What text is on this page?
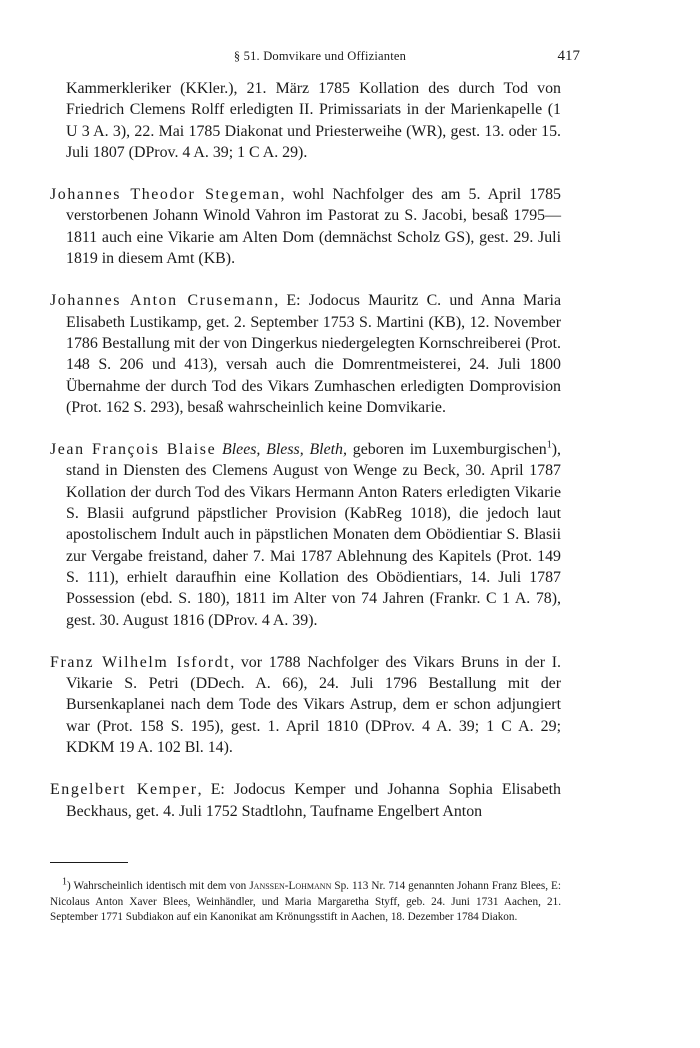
§ 51. Domvikare und Offizianten	417

Kammerkleriker (KKler.), 21. März 1785 Kollation des durch Tod von Friedrich Clemens Rolff erledigten II. Primissariats in der Marienkapelle (1 U 3 A. 3), 22. Mai 1785 Diakonat und Priesterweihe (WR), gest. 13. oder 15. Juli 1807 (DProv. 4 A. 39; 1 C A. 29).

Johannes Theodor Stegeman, wohl Nachfolger des am 5. April 1785 verstorbenen Johann Winold Vahron im Pastorat zu S. Jacobi, besaß 1795—1811 auch eine Vikarie am Alten Dom (demnächst Scholz GS), gest. 29. Juli 1819 in diesem Amt (KB).

Johannes Anton Crusemann, E: Jodocus Mauritz C. und Anna Maria Elisabeth Lustikamp, get. 2. September 1753 S. Martini (KB), 12. November 1786 Bestallung mit der von Dingerkus niedergelegten Kornschreiberei (Prot. 148 S. 206 und 413), versah auch die Domrentmeisterei, 24. Juli 1800 Übernahme der durch Tod des Vikars Zumhaschen erledigten Domprovision (Prot. 162 S. 293), besaß wahrscheinlich keine Domvikarie.

Jean François Blaise Blees, Bless, Bleth, geboren im Luxemburgischen$^1$), stand in Diensten des Clemens August von Wenge zu Beck, 30. April 1787 Kollation der durch Tod des Vikars Hermann Anton Raters erledigten Vikarie S. Blasii aufgrund päpstlicher Provision (KabReg 1018), die jedoch laut apostolischem Indult auch in päpstlichen Monaten dem Obödientiar S. Blasii zur Vergabe freistand, daher 7. Mai 1787 Ablehnung des Kapitels (Prot. 149 S. 111), erhielt daraufhin eine Kollation des Obödientiars, 14. Juli 1787 Possession (ebd. S. 180), 1811 im Alter von 74 Jahren (Frankr. C 1 A. 78), gest. 30. August 1816 (DProv. 4 A. 39).

Franz Wilhelm Isfordt, vor 1788 Nachfolger des Vikars Bruns in der I. Vikarie S. Petri (DDech. A. 66), 24. Juli 1796 Bestallung mit der Bursenkaplanei nach dem Tode des Vikars Astrup, dem er schon adjungiert war (Prot. 158 S. 195), gest. 1. April 1810 (DProv. 4 A. 39; 1 C A. 29; KDKM 19 A. 102 Bl. 14).

Engelbert Kemper, E: Jodocus Kemper und Johanna Sophia Elisabeth Beckhaus, get. 4. Juli 1752 Stadtlohn, Taufname Engelbert Anton

$^1$) Wahrscheinlich identisch mit dem von Janssen-Lohmann Sp. 113 Nr. 714 genannten Johann Franz Blees, E: Nicolaus Anton Xaver Blees, Weinhändler, und Maria Margaretha Styff, geb. 24. Juni 1731 Aachen, 21. September 1771 Subdiakon auf ein Kanonikat am Krönungsstift in Aachen, 18. Dezember 1784 Diakon.
